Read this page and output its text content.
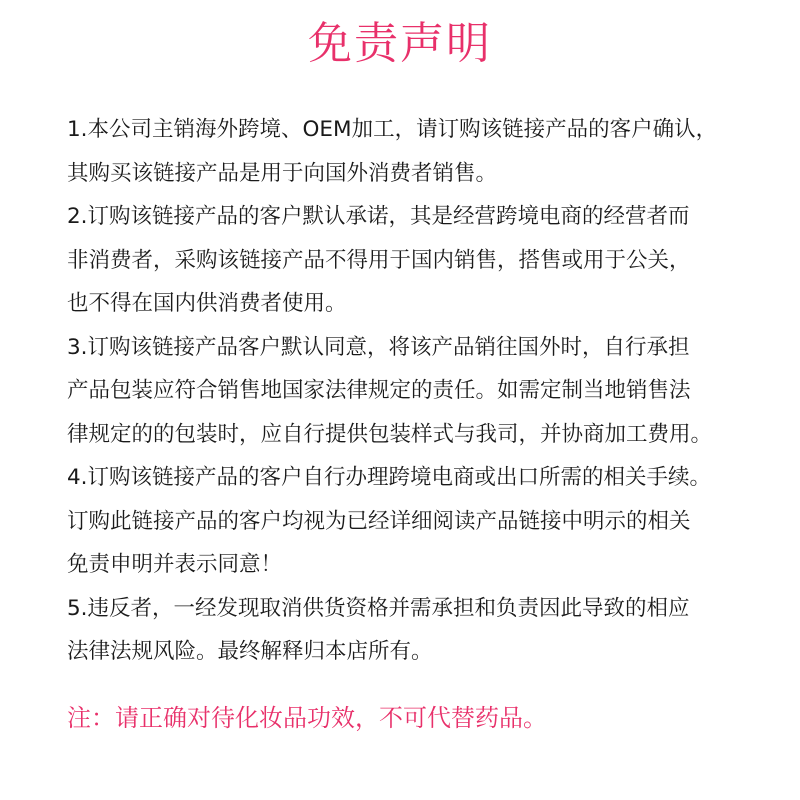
免责声明
1.本公司主销海外跨境、OEM加工，请订购该链接产品的客户确认，
其购买该链接产品是用于向国外消费者销售。
2.订购该链接产品的客户默认承诺，其是经营跨境电商的经营者而
非消费者，采购该链接产品不得用于国内销售，搭售或用于公关，
也不得在国内供消费者使用。
3.订购该链接产品客户默认同意，将该产品销往国外时，自行承担
产品包装应符合销售地国家法律规定的责任。如需定制当地销售法
律规定的的包装时，应自行提供包装样式与我司，并协商加工费用。
4.订购该链接产品的客户自行办理跨境电商或出口所需的相关手续。
订购此链接产品的客户均视为已经详细阅读产品链接中明示的相关
免责申明并表示同意！
5.违反者，一经发现取消供货资格并需承担和负责因此导致的相应
法律法规风险。最终解释归本店所有。
注：请正确对待化妆品功效，不可代替药品。
